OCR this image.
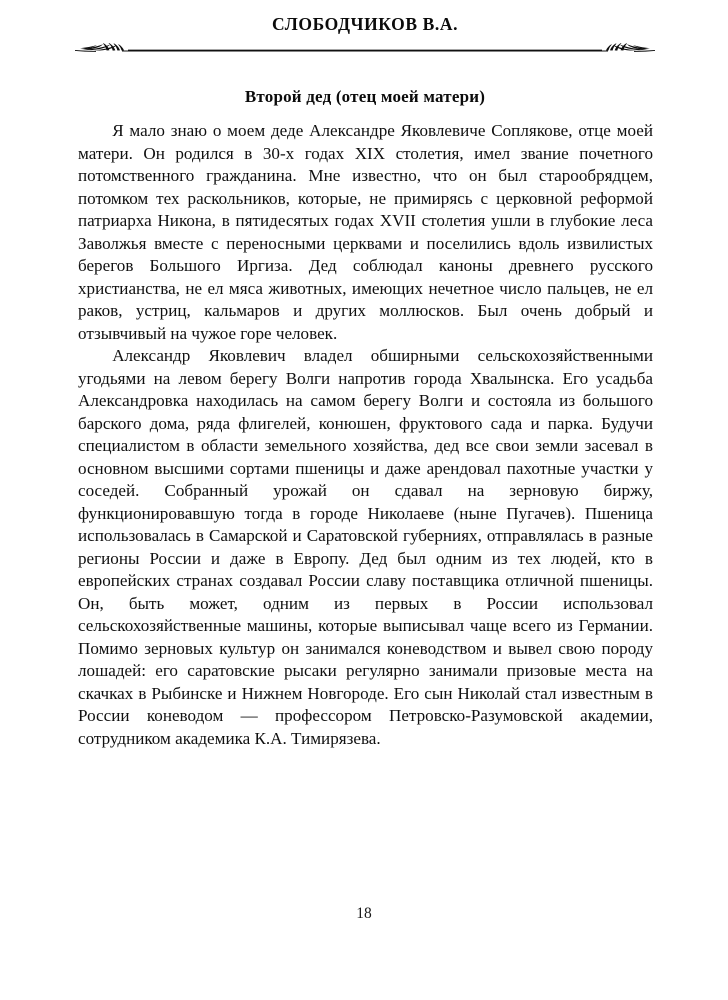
СЛОБОДЧИКОВ В.А.
Второй дед (отец моей матери)

Я мало знаю о моем деде Александре Яковлевиче Соплякове, отце моей матери. Он родился в 30-х годах XIX столетия, имел звание почетного потомственного гражданина. Мне известно, что он был старообрядцем, потомком тех раскольников, которые, не примирясь с церковной реформой патриарха Никона, в пятидесятых годах XVII столетия ушли в глубокие леса Заволжья вместе с переносными церквами и поселились вдоль извилистых берегов Большого Иргиза. Дед соблюдал каноны древнего русского христианства, не ел мяса животных, имеющих нечетное число пальцев, не ел раков, устриц, кальмаров и других моллюсков. Был очень добрый и отзывчивый на чужое горе человек.

Александр Яковлевич владел обширными сельскохозяйственными угодьями на левом берегу Волги напротив города Хвалынска. Его усадьба Александровка находилась на самом берегу Волги и состояла из большого барского дома, ряда флигелей, конюшен, фруктового сада и парка. Будучи специалистом в области земельного хозяйства, дед все свои земли засевал в основном высшими сортами пшеницы и даже арендовал пахотные участки у соседей. Собранный урожай он сдавал на зерновую биржу, функционировавшую тогда в городе Николаеве (ныне Пугачев). Пшеница использовалась в Самарской и Саратовской губерниях, отправлялась в разные регионы России и даже в Европу. Дед был одним из тех людей, кто в европейских странах создавал России славу поставщика отличной пшеницы. Он, быть может, одним из первых в России использовал сельскохозяйственные машины, которые выписывал чаще всего из Германии. Помимо зерновых культур он занимался коневодством и вывел свою породу лошадей: его саратовские рысаки регулярно занимали призовые места на скачках в Рыбинске и Нижнем Новгороде. Его сын Николай стал известным в России коневодом — профессором Петровско-Разумовской академии, сотрудником академика К.А. Тимирязева.

18
